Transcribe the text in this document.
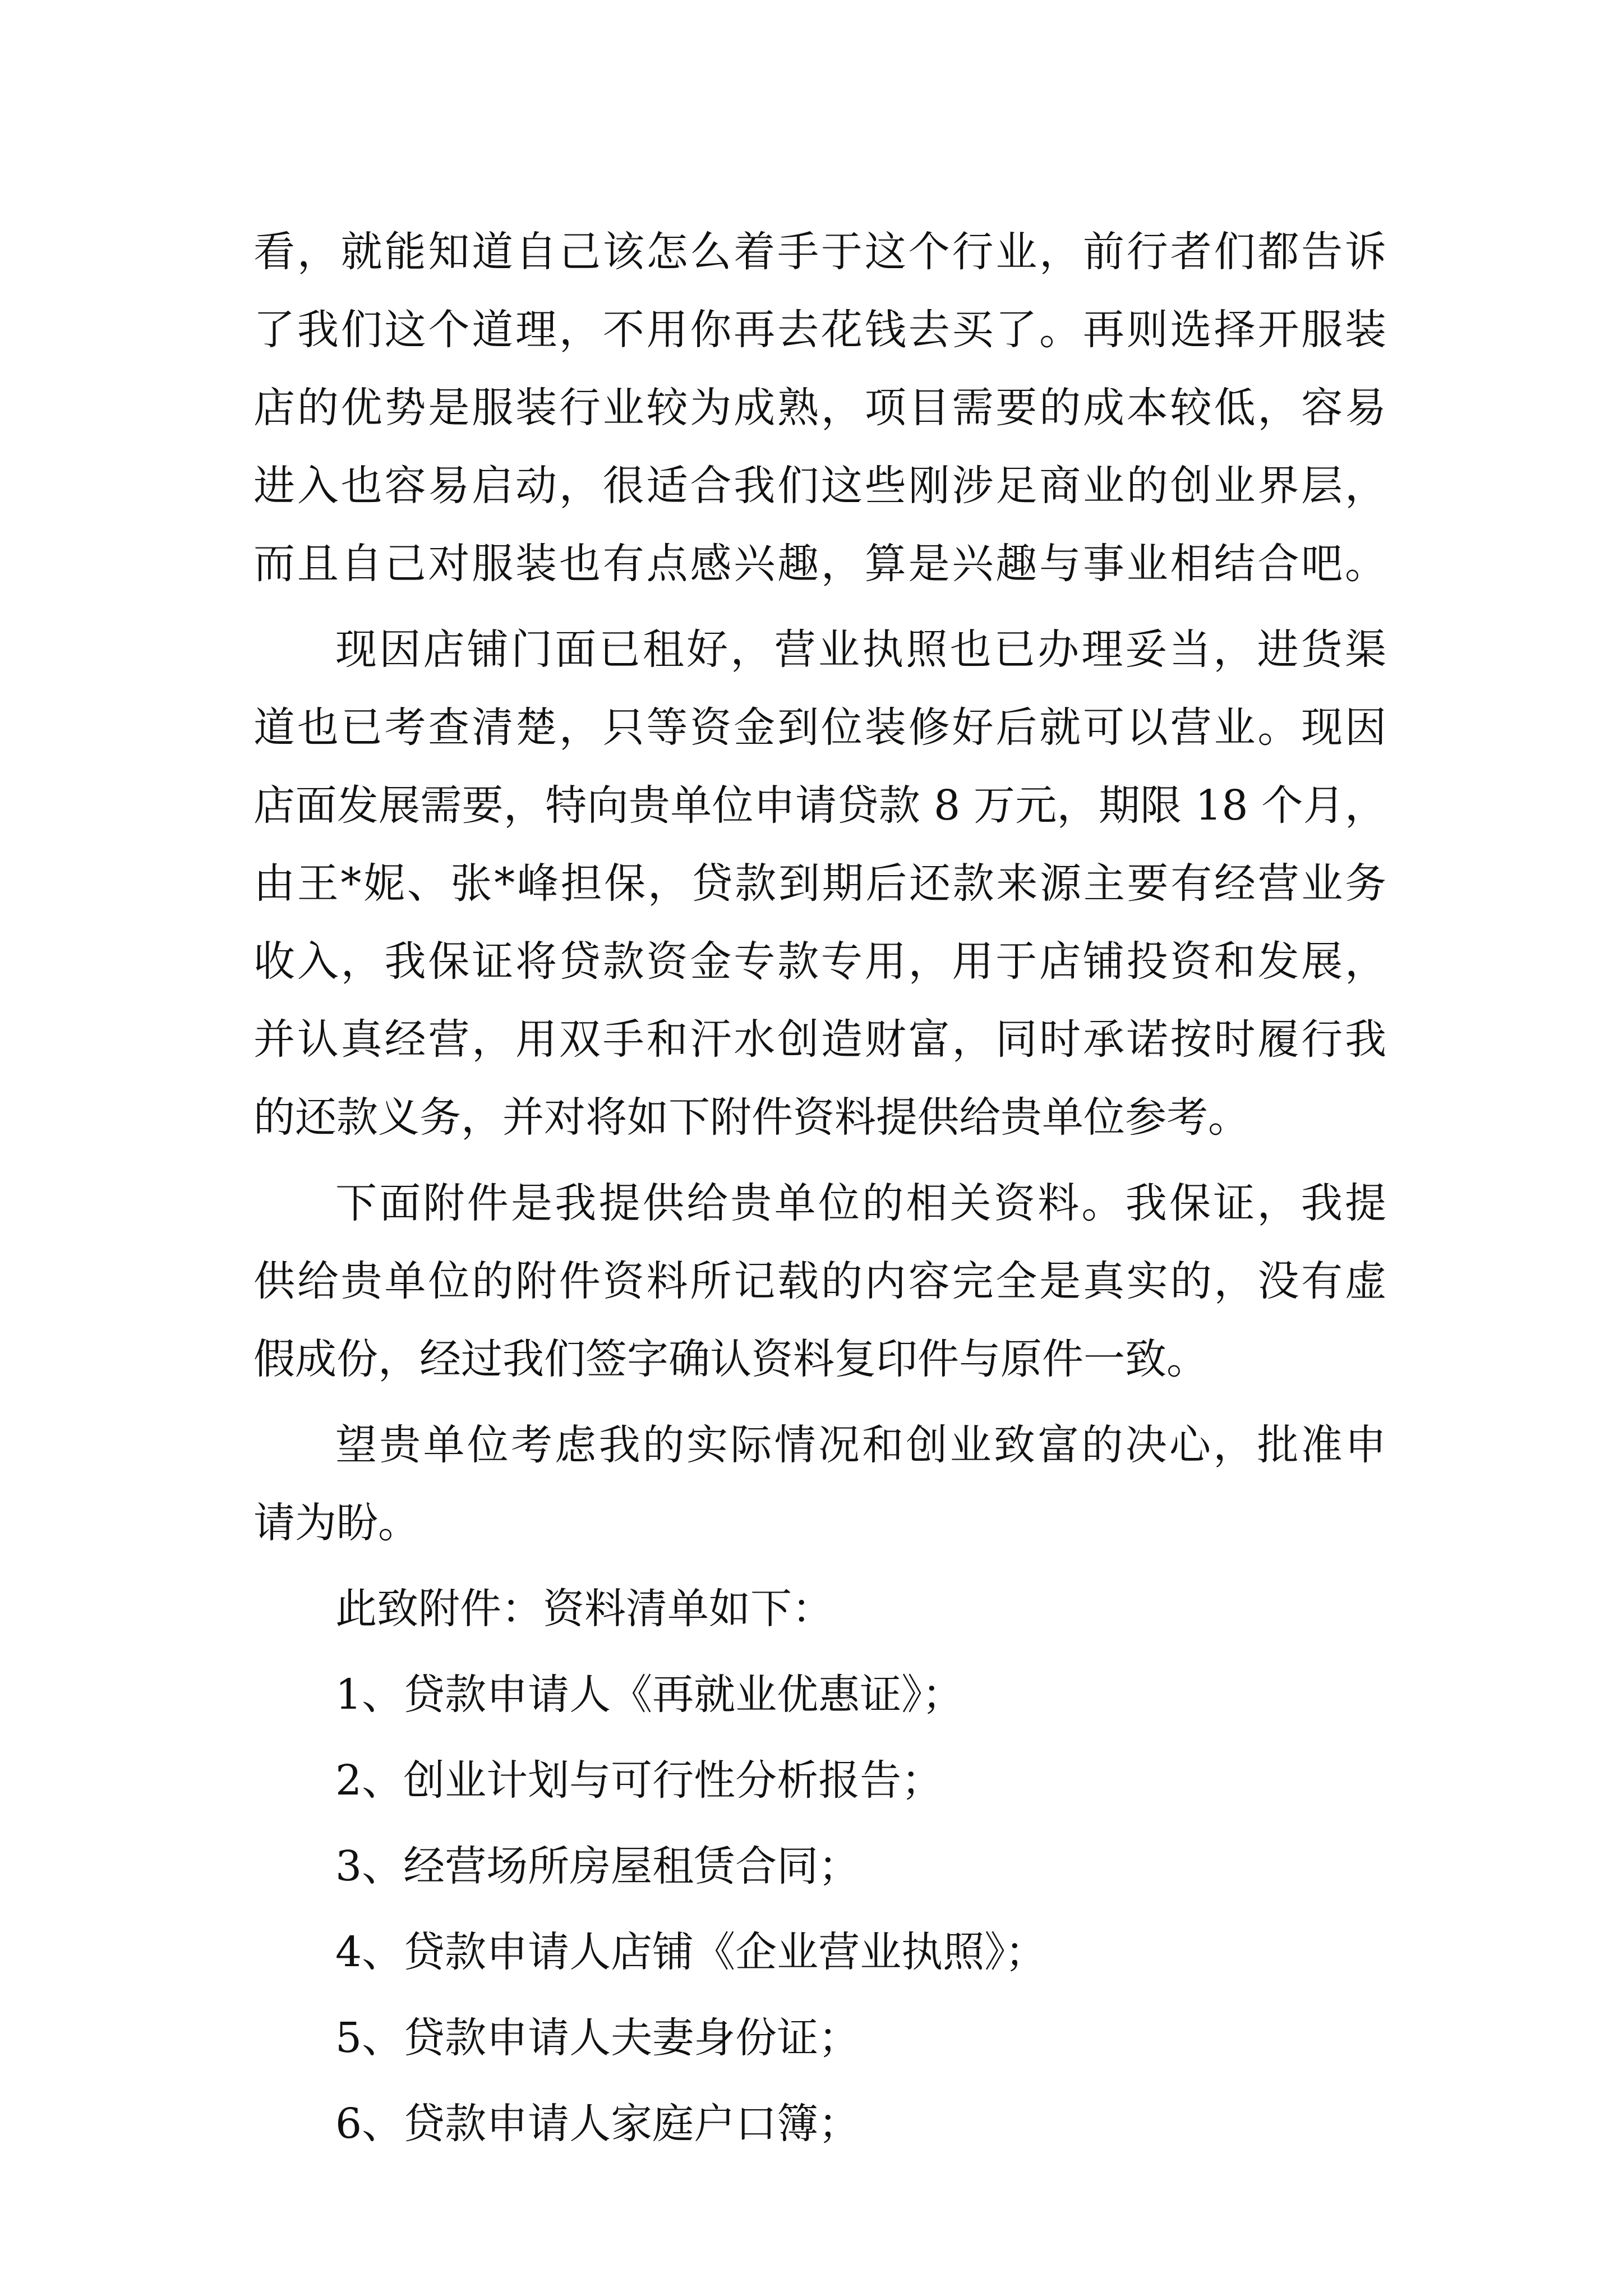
看，就能知道自己该怎么着手于这个行业，前行者们都告诉
了我们这个道理，不用你再去花钱去买了。再则选择开服装
店的优势是服装行业较为成熟，项目需要的成本较低，容易
进入也容易启动，很适合我们这些刚涉足商业的创业界层，
而且自己对服装也有点感兴趣，算是兴趣与事业相结合吧。
现因店铺门面已租好，营业执照也已办理妥当，进货渠
道也已考查清楚，只等资金到位装修好后就可以营业。现因
店面发展需要，特向贵单位申请贷款 8 万元，期限 18 个月，
由王*妮、张*峰担保，贷款到期后还款来源主要有经营业务
收入，我保证将贷款资金专款专用，用于店铺投资和发展，
并认真经营，用双手和汗水创造财富，同时承诺按时履行我
的还款义务，并对将如下附件资料提供给贵单位参考。
下面附件是我提供给贵单位的相关资料。我保证，我提
供给贵单位的附件资料所记载的内容完全是真实的，没有虚
假成份，经过我们签字确认资料复印件与原件一致。
望贵单位考虑我的实际情况和创业致富的决心，批准申
请为盼。
此致附件：资料清单如下：
1、贷款申请人《再就业优惠证》；
2、创业计划与可行性分析报告；
3、经营场所房屋租赁合同；
4、贷款申请人店铺《企业营业执照》；
5、贷款申请人夫妻身份证；
6、贷款申请人家庭户口簿；
